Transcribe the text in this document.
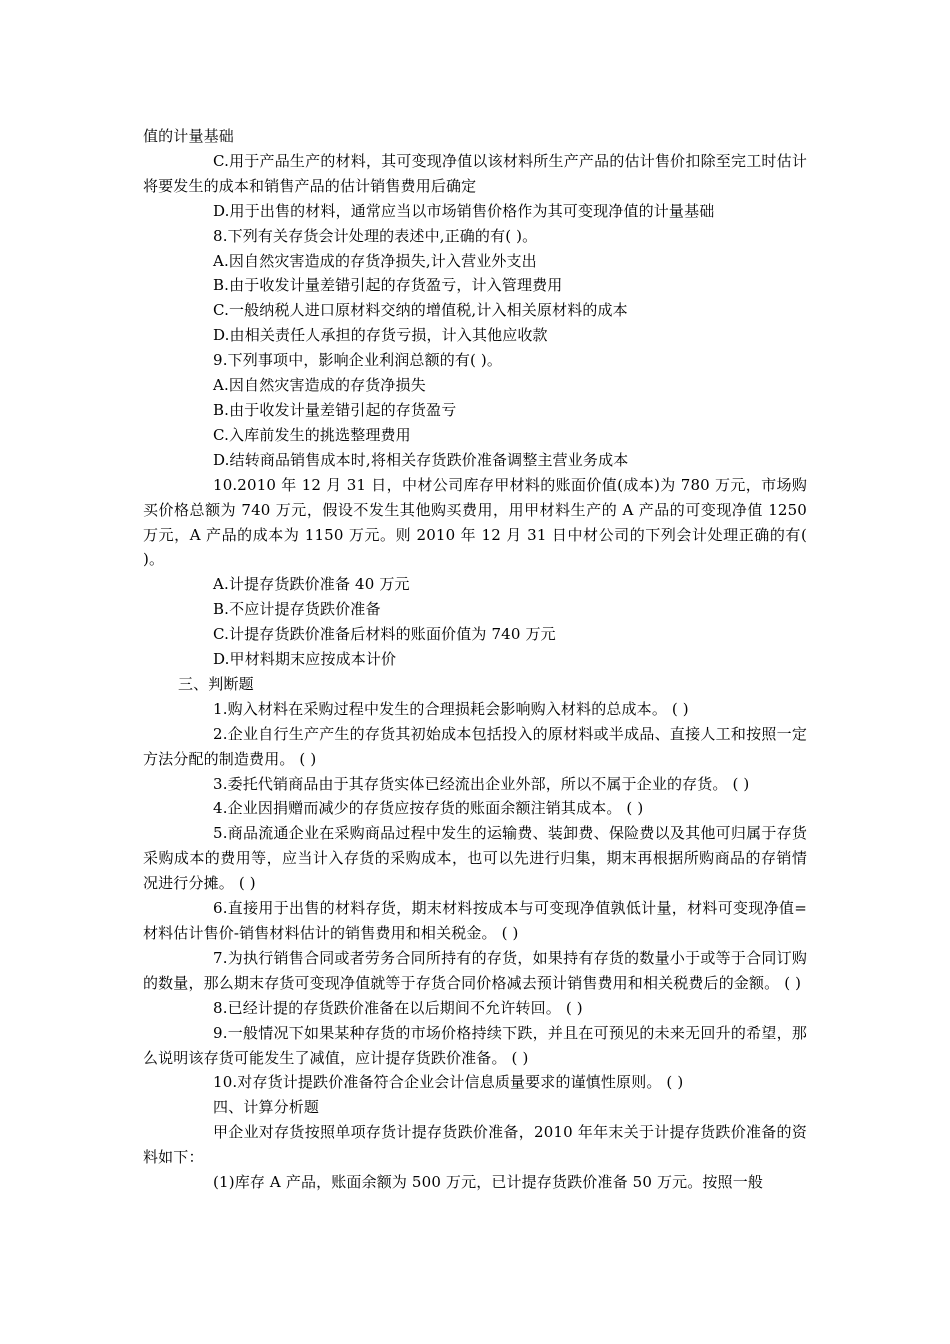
值的计量基础

C.用于产品生产的材料，其可变现净值以该材料所生产产品的估计售价扣除至完工时估计将要发生的成本和销售产品的估计销售费用后确定

D.用于出售的材料，通常应当以市场销售价格作为其可变现净值的计量基础

8.下列有关存货会计处理的表述中,正确的有( )。

A.因自然灾害造成的存货净损失,计入营业外支出

B.由于收发计量差错引起的存货盈亏，计入管理费用

C.一般纳税人进口原材料交纳的增值税,计入相关原材料的成本

D.由相关责任人承担的存货亏损，计入其他应收款

9.下列事项中，影响企业利润总额的有( )。

A.因自然灾害造成的存货净损失

B.由于收发计量差错引起的存货盈亏

C.入库前发生的挑选整理费用

D.结转商品销售成本时,将相关存货跌价准备调整主营业务成本

10.2010 年 12 月 31 日，中材公司库存甲材料的账面价值(成本)为 780 万元，市场购买价格总额为 740 万元，假设不发生其他购买费用，用甲材料生产的 A 产品的可变现净值 1250 万元，A 产品的成本为 1150 万元。则 2010 年 12 月 31 日中材公司的下列会计处理正确的有( )。

A.计提存货跌价准备 40 万元

B.不应计提存货跌价准备

C.计提存货跌价准备后材料的账面价值为 740 万元

D.甲材料期末应按成本计价

三、判断题

1.购入材料在采购过程中发生的合理损耗会影响购入材料的总成本。 ( )

2.企业自行生产产生的存货其初始成本包括投入的原材料或半成品、直接人工和按照一定方法分配的制造费用。 ( )

3.委托代销商品由于其存货实体已经流出企业外部，所以不属于企业的存货。 ( )

4.企业因捐赠而减少的存货应按存货的账面余额注销其成本。 ( )

5.商品流通企业在采购商品过程中发生的运输费、装卸费、保险费以及其他可归属于存货采购成本的费用等，应当计入存货的采购成本，也可以先进行归集，期末再根据所购商品的存销情况进行分摊。 ( )

6.直接用于出售的材料存货，期末材料按成本与可变现净值孰低计量，材料可变现净值=材料估计售价-销售材料估计的销售费用和相关税金。 ( )

7.为执行销售合同或者劳务合同所持有的存货，如果持有存货的数量小于或等于合同订购的数量，那么期末存货可变现净值就等于存货合同价格减去预计销售费用和相关税费后的金额。 ( )

8.已经计提的存货跌价准备在以后期间不允许转回。 ( )

9.一般情况下如果某种存货的市场价格持续下跌，并且在可预见的未来无回升的希望，那么说明该存货可能发生了减值，应计提存货跌价准备。 ( )

10.对存货计提跌价准备符合企业会计信息质量要求的谨慎性原则。 ( )

四、计算分析题

甲企业对存货按照单项存货计提存货跌价准备，2010 年年末关于计提存货跌价准备的资料如下：

(1)库存 A 产品，账面余额为 500 万元，已计提存货跌价准备 50 万元。按照一般
